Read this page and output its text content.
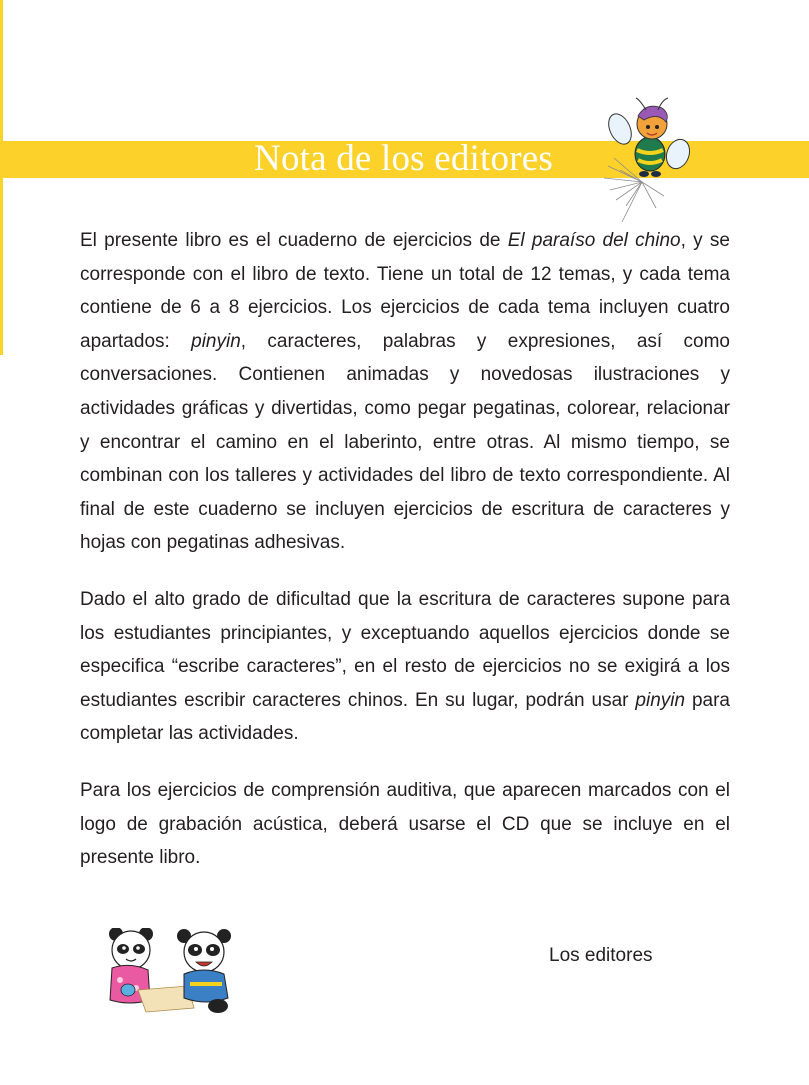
Nota de los editores

El presente libro es el cuaderno de ejercicios de El paraíso del chino, y se corresponde con el libro de texto. Tiene un total de 12 temas, y cada tema contiene de 6 a 8 ejercicios. Los ejercicios de cada tema incluyen cuatro apartados: pinyin, caracteres, palabras y expresiones, así como conversaciones. Contienen animadas y novedosas ilustraciones y actividades gráficas y divertidas, como pegar pegatinas, colorear, relacionar y encontrar el camino en el laberinto, entre otras. Al mismo tiempo, se combinan con los talleres y actividades del libro de texto correspondiente. Al final de este cuaderno se incluyen ejercicios de escritura de caracteres y hojas con pegatinas adhesivas.

Dado el alto grado de dificultad que la escritura de caracteres supone para los estudiantes principiantes, y exceptuando aquellos ejercicios donde se especifica “escribe caracteres”, en el resto de ejercicios no se exigirá a los estudiantes escribir caracteres chinos. En su lugar, podrán usar pinyin para completar las actividades.

Para los ejercicios de comprensión auditiva, que aparecen marcados con el logo de grabación acústica, deberá usarse el CD que se incluye en el presente libro.

Los editores
